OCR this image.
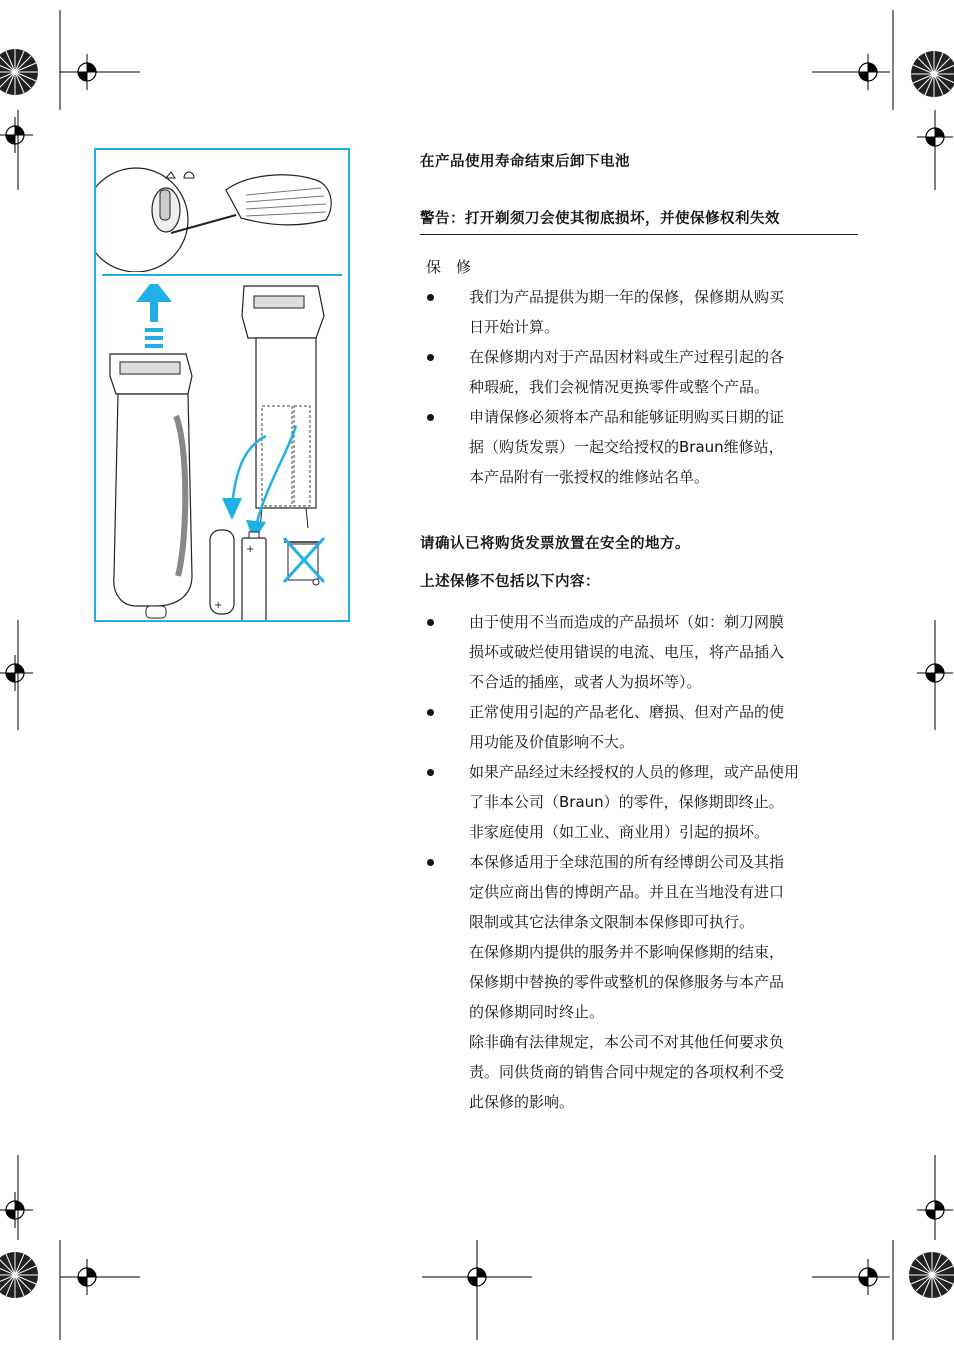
+
+

在产品使用寿命结束后卸下电池

警告：打开剃须刀会使其彻底损坏，并使保修权利失效

保　修

我们为产品提供为期一年的保修，保修期从购买
日开始计算。
在保修期内对于产品因材料或生产过程引起的各
种瑕疵，我们会视情况更换零件或整个产品。
申请保修必须将本产品和能够证明购买日期的证
据（购货发票）一起交给授权的Braun维修站，
本产品附有一张授权的维修站名单。

请确认已将购货发票放置在安全的地方。

上述保修不包括以下内容：

由于使用不当而造成的产品损坏（如：剃刀网膜
损坏或破烂使用错误的电流、电压，将产品插入
不合适的插座，或者人为损坏等）。
正常使用引起的产品老化、磨损、但对产品的使
用功能及价值影响不大。
如果产品经过未经授权的人员的修理，或产品使用
了非本公司（Braun）的零件，保修期即终止。
非家庭使用（如工业、商业用）引起的损坏。
本保修适用于全球范围的所有经博朗公司及其指
定供应商出售的博朗产品。并且在当地没有进口
限制或其它法律条文限制本保修即可执行。
在保修期内提供的服务并不影响保修期的结束，
保修期中替换的零件或整机的保修服务与本产品
的保修期同时终止。
除非确有法律规定，本公司不对其他任何要求负
责。同供货商的销售合同中规定的各项权利不受
此保修的影响。
